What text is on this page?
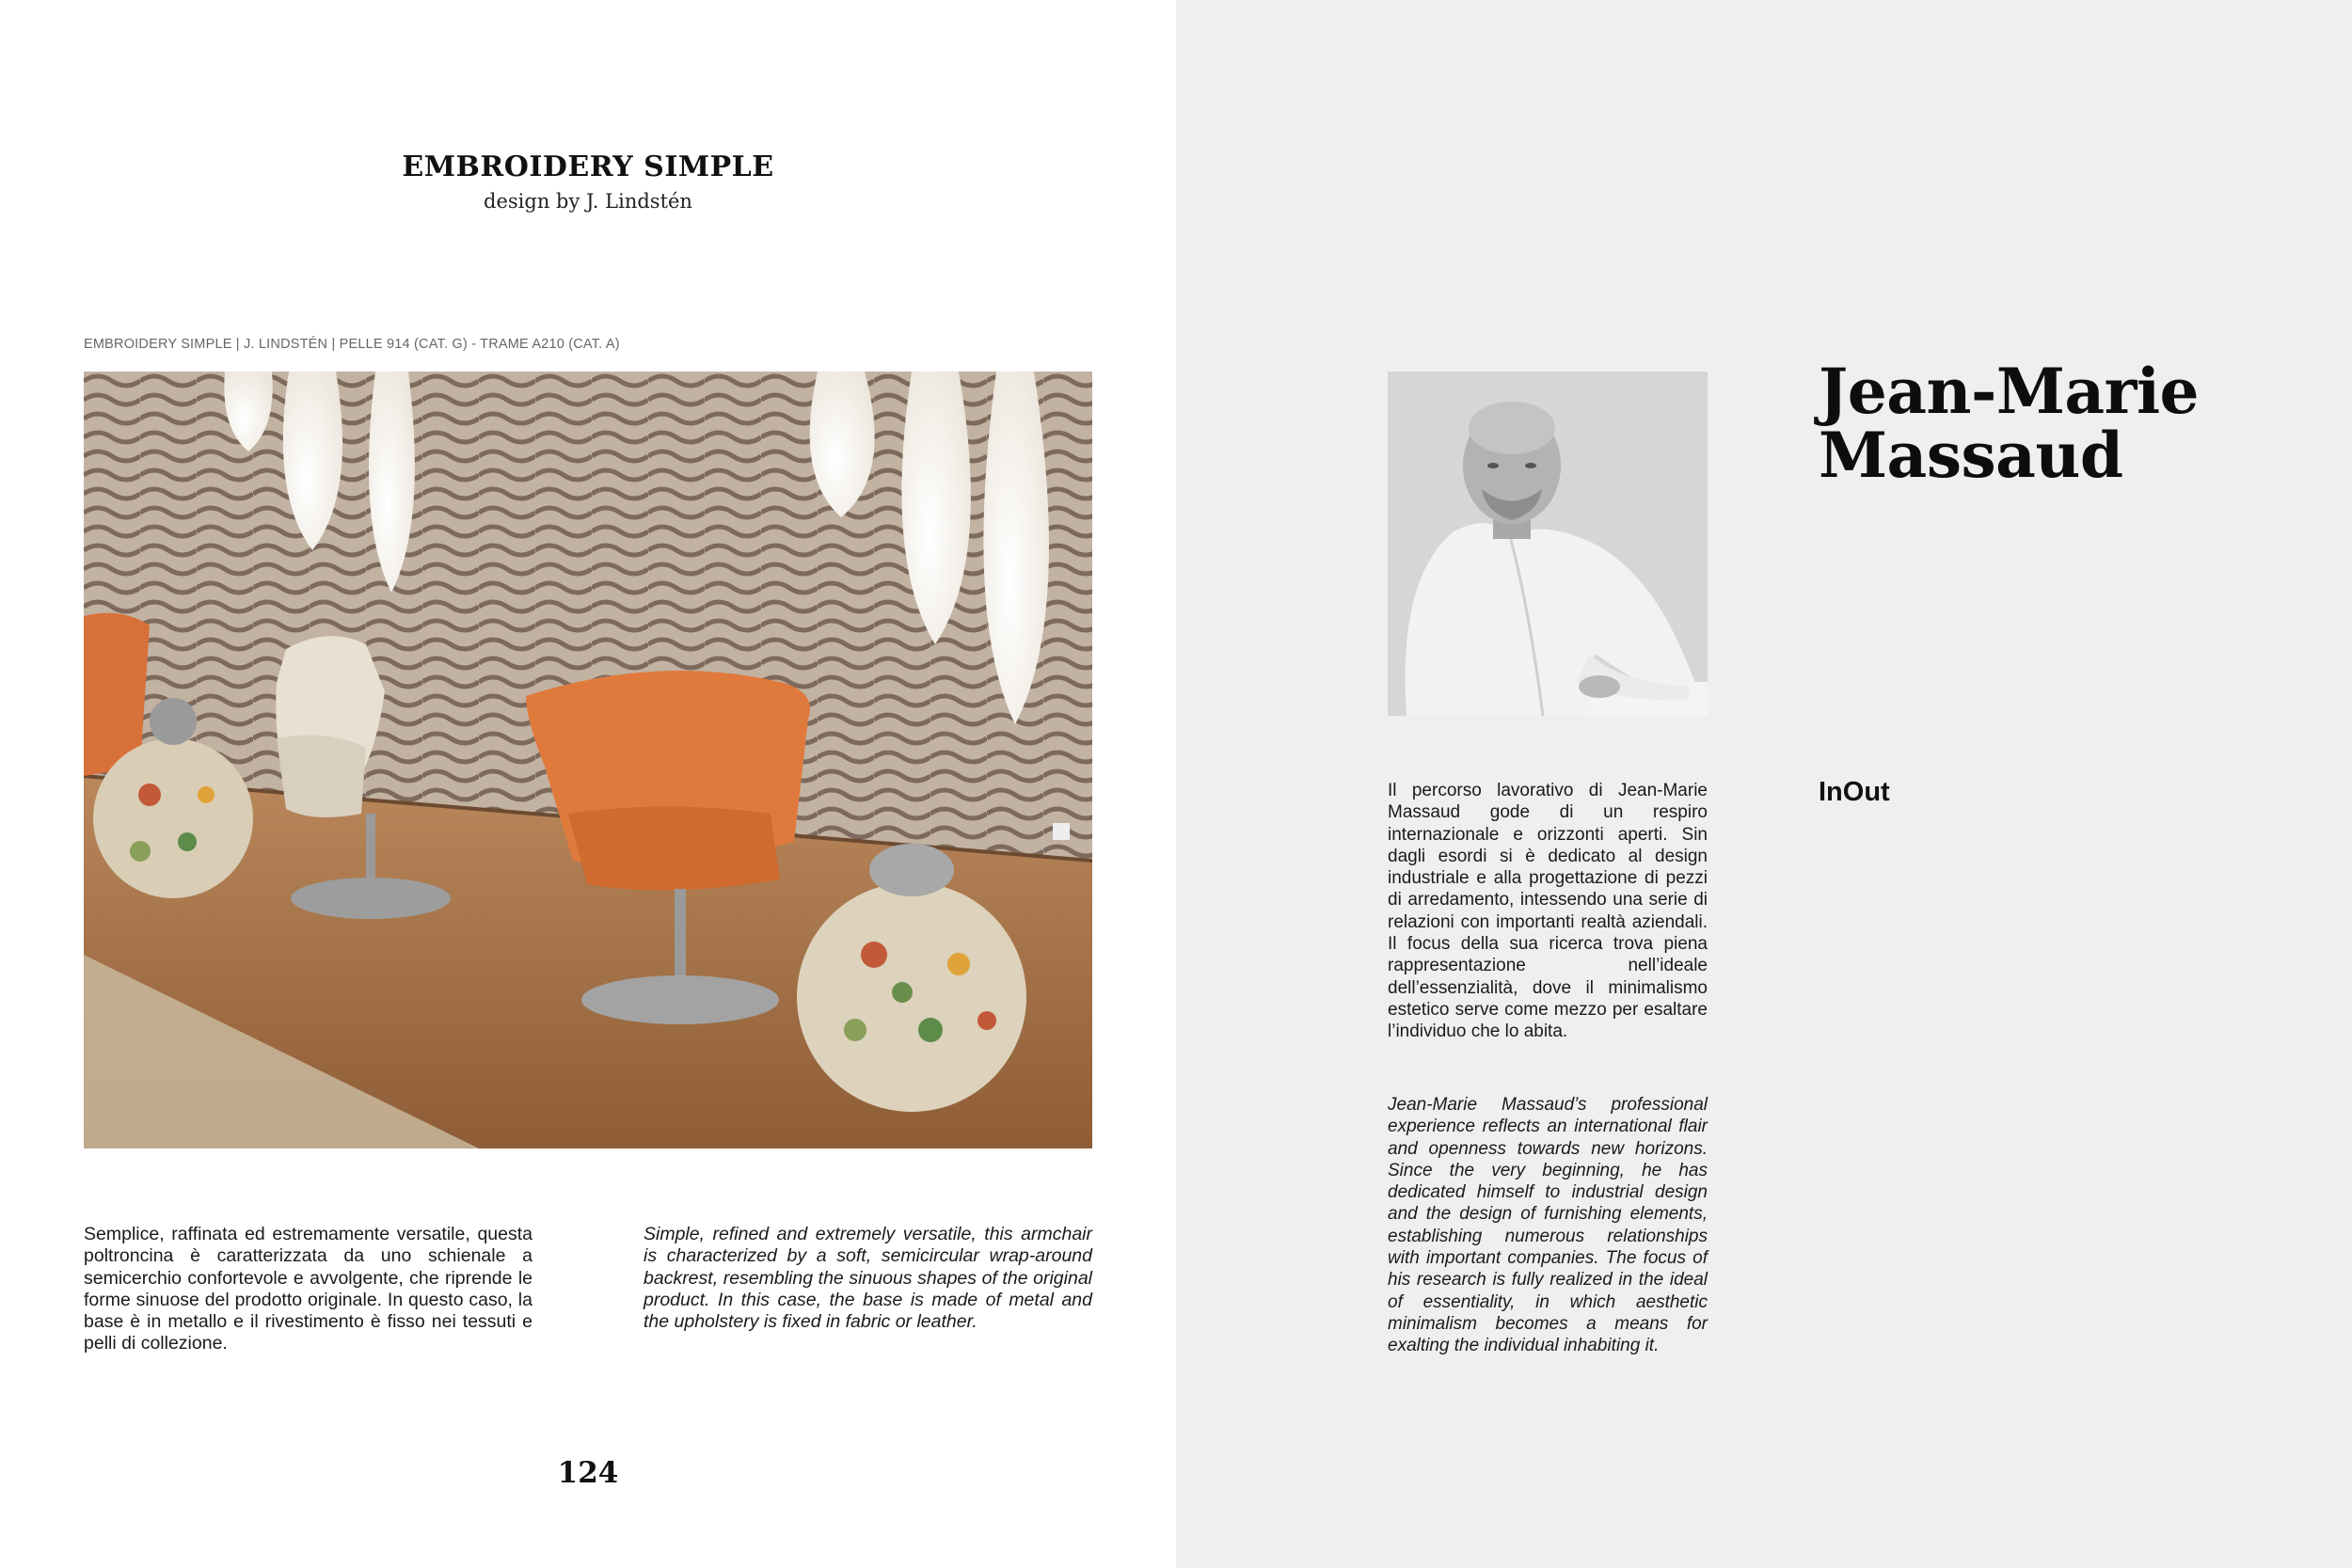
EMBROIDERY SIMPLE
design by J. Lindstén
EMBROIDERY SIMPLE | J. LINDSTÉN | PELLE 914 (CAT. G) - TRAME A210 (CAT. A)
Semplice, raffinata ed estremamente versatile, questa poltroncina è caratterizzata da uno schienale a semicerchio confortevole e avvolgente, che riprende le forme sinuose del prodotto originale. In questo caso, la base è in metallo e il rivestimento è fisso nei tessuti e pelli di collezione.
Simple, refined and extremely versatile, this armchair is characterized by a soft, semicircular wrap-around backrest, resembling the sinuous shapes of the original product. In this case, the base is made of metal and the upholstery is fixed in fabric or leather.
124
Jean-Marie
Massaud
InOut
Il percorso lavorativo di Jean-Marie Massaud gode di un respiro internazionale e orizzonti aperti. Sin dagli esordi si è dedicato al design industriale e alla progettazione di pezzi di arredamento, intessendo una serie di relazioni con importanti realtà aziendali. Il focus della sua ricerca trova piena rappresentazione nell’ideale dell’essenzialità, dove il minimalismo estetico serve come mezzo per esaltare l’individuo che lo abita.
Jean-Marie Massaud’s professional experience reflects an international flair and openness towards new horizons. Since the very beginning, he has dedicated himself to industrial design and the design of furnishing elements, establishing numerous relationships with important companies. The focus of his research is fully realized in the ideal of essentiality, in which aesthetic minimalism becomes a means for exalting the individual inhabiting it.
